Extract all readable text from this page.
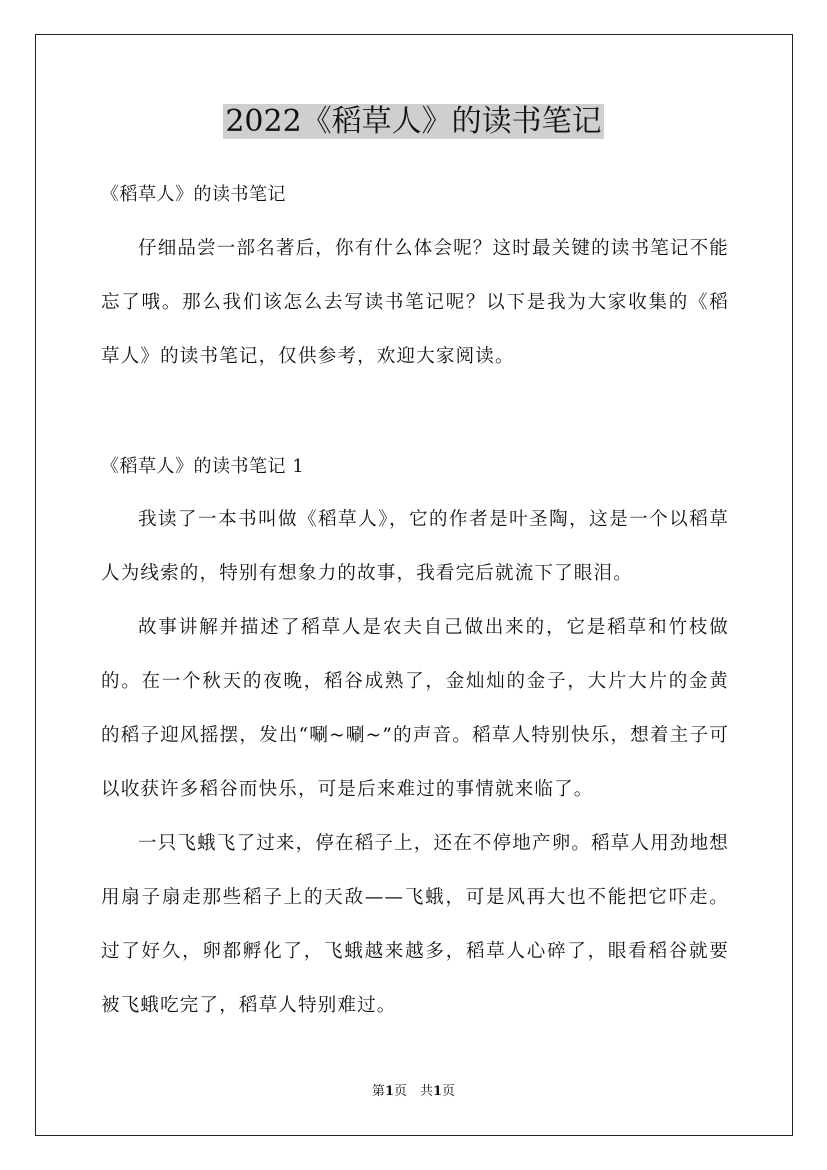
2022《稻草人》的读书笔记

《稻草人》的读书笔记

仔细品尝一部名著后，你有什么体会呢？这时最关键的读书笔记不能忘了哦。那么我们该怎么去写读书笔记呢？以下是我为大家收集的《稻草人》的读书笔记，仅供参考，欢迎大家阅读。

《稻草人》的读书笔记 1

我读了一本书叫做《稻草人》，它的作者是叶圣陶，这是一个以稻草人为线索的，特别有想象力的故事，我看完后就流下了眼泪。

故事讲解并描述了稻草人是农夫自己做出来的，它是稻草和竹枝做的。在一个秋天的夜晚，稻谷成熟了，金灿灿的金子，大片大片的金黄的稻子迎风摇摆，发出“唰~唰~”的声音。稻草人特别快乐，想着主子可以收获许多稻谷而快乐，可是后来难过的事情就来临了。

一只飞蛾飞了过来，停在稻子上，还在不停地产卵。稻草人用劲地想用扇子扇走那些稻子上的天敌——飞蛾，可是风再大也不能把它吓走。过了好久，卵都孵化了，飞蛾越来越多，稻草人心碎了，眼看稻谷就要被飞蛾吃完了，稻草人特别难过。

第1页　共1页
